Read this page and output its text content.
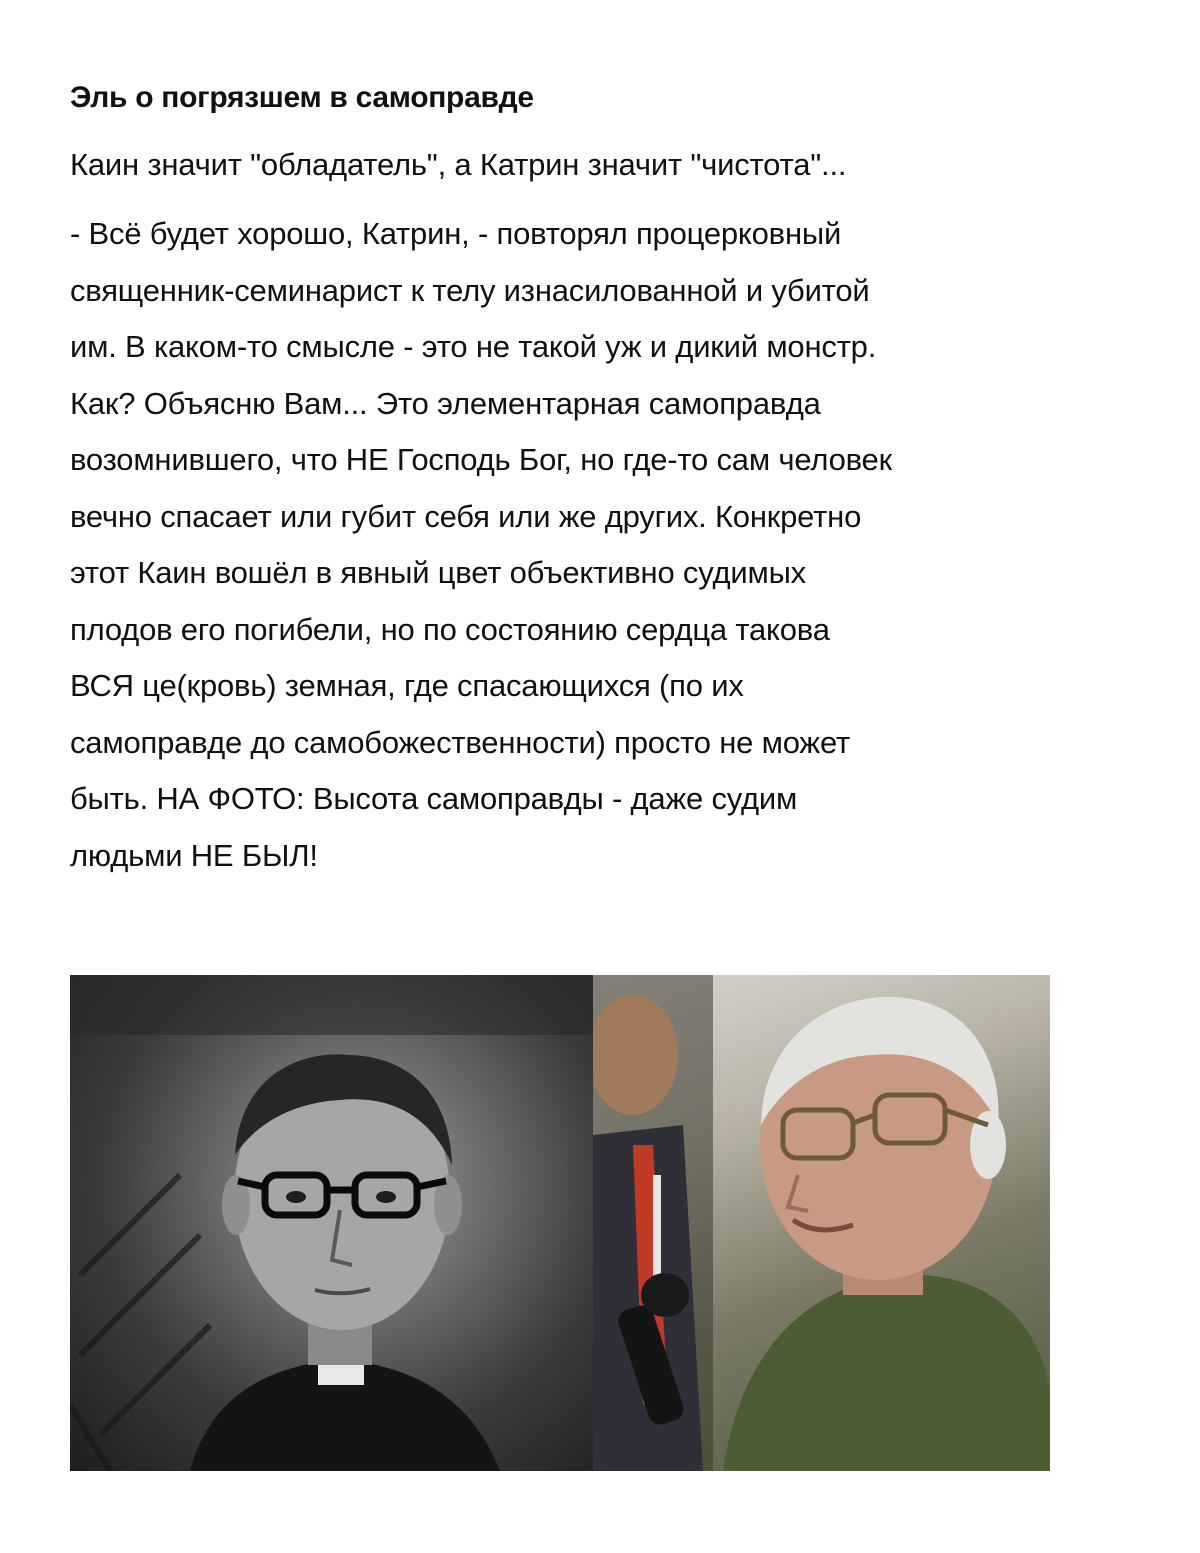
Эль о погрязшем в самоправде
Каин значит "обладатель", а Катрин значит "чистота"...
- Всё будет хорошо, Катрин, - повторял процерковный
священник-семинарист к телу изнасилованной и убитой
им. В каком-то смысле - это не такой уж и дикий монстр.
Как? Объясню Вам... Это элементарная самоправда
возомнившего, что НЕ Господь Бог, но где-то сам человек
вечно спасает или губит себя или же других. Конкретно
этот Каин вошёл в явный цвет объективно судимых
плодов его погибели, но по состоянию сердца такова
ВСЯ це(кровь) земная, где спасающихся (по их
самоправде до самобожественности) просто не может
быть. НА ФОТО: Высота самоправды - даже судим
людьми НЕ БЫЛ!
